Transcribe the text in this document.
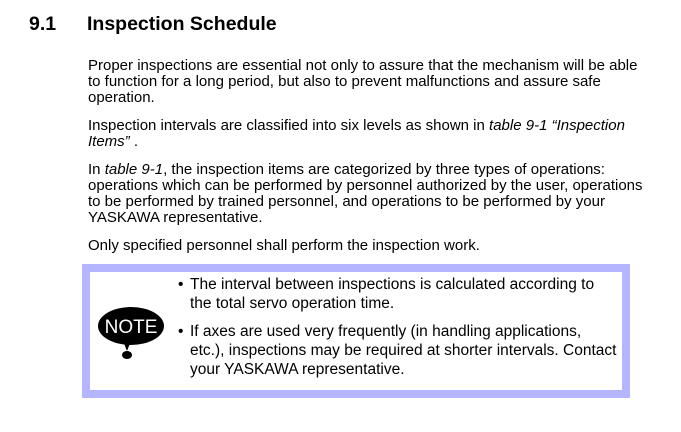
9.1 Inspection Schedule

Proper inspections are essential not only to assure that the mechanism will be able to function for a long period, but also to prevent malfunctions and assure safe operation.

Inspection intervals are classified into six levels as shown in table 9-1 “Inspection Items” .

In table 9-1, the inspection items are categorized by three types of operations: operations which can be performed by personnel authorized by the user, operations to be performed by trained personnel, and operations to be performed by your YASKAWA representative.

Only specified personnel shall perform the inspection work.

NOTE
• The interval between inspections is calculated according to the total servo operation time.
• If axes are used very frequently (in handling applications, etc.), inspections may be required at shorter intervals. Contact your YASKAWA representative.
